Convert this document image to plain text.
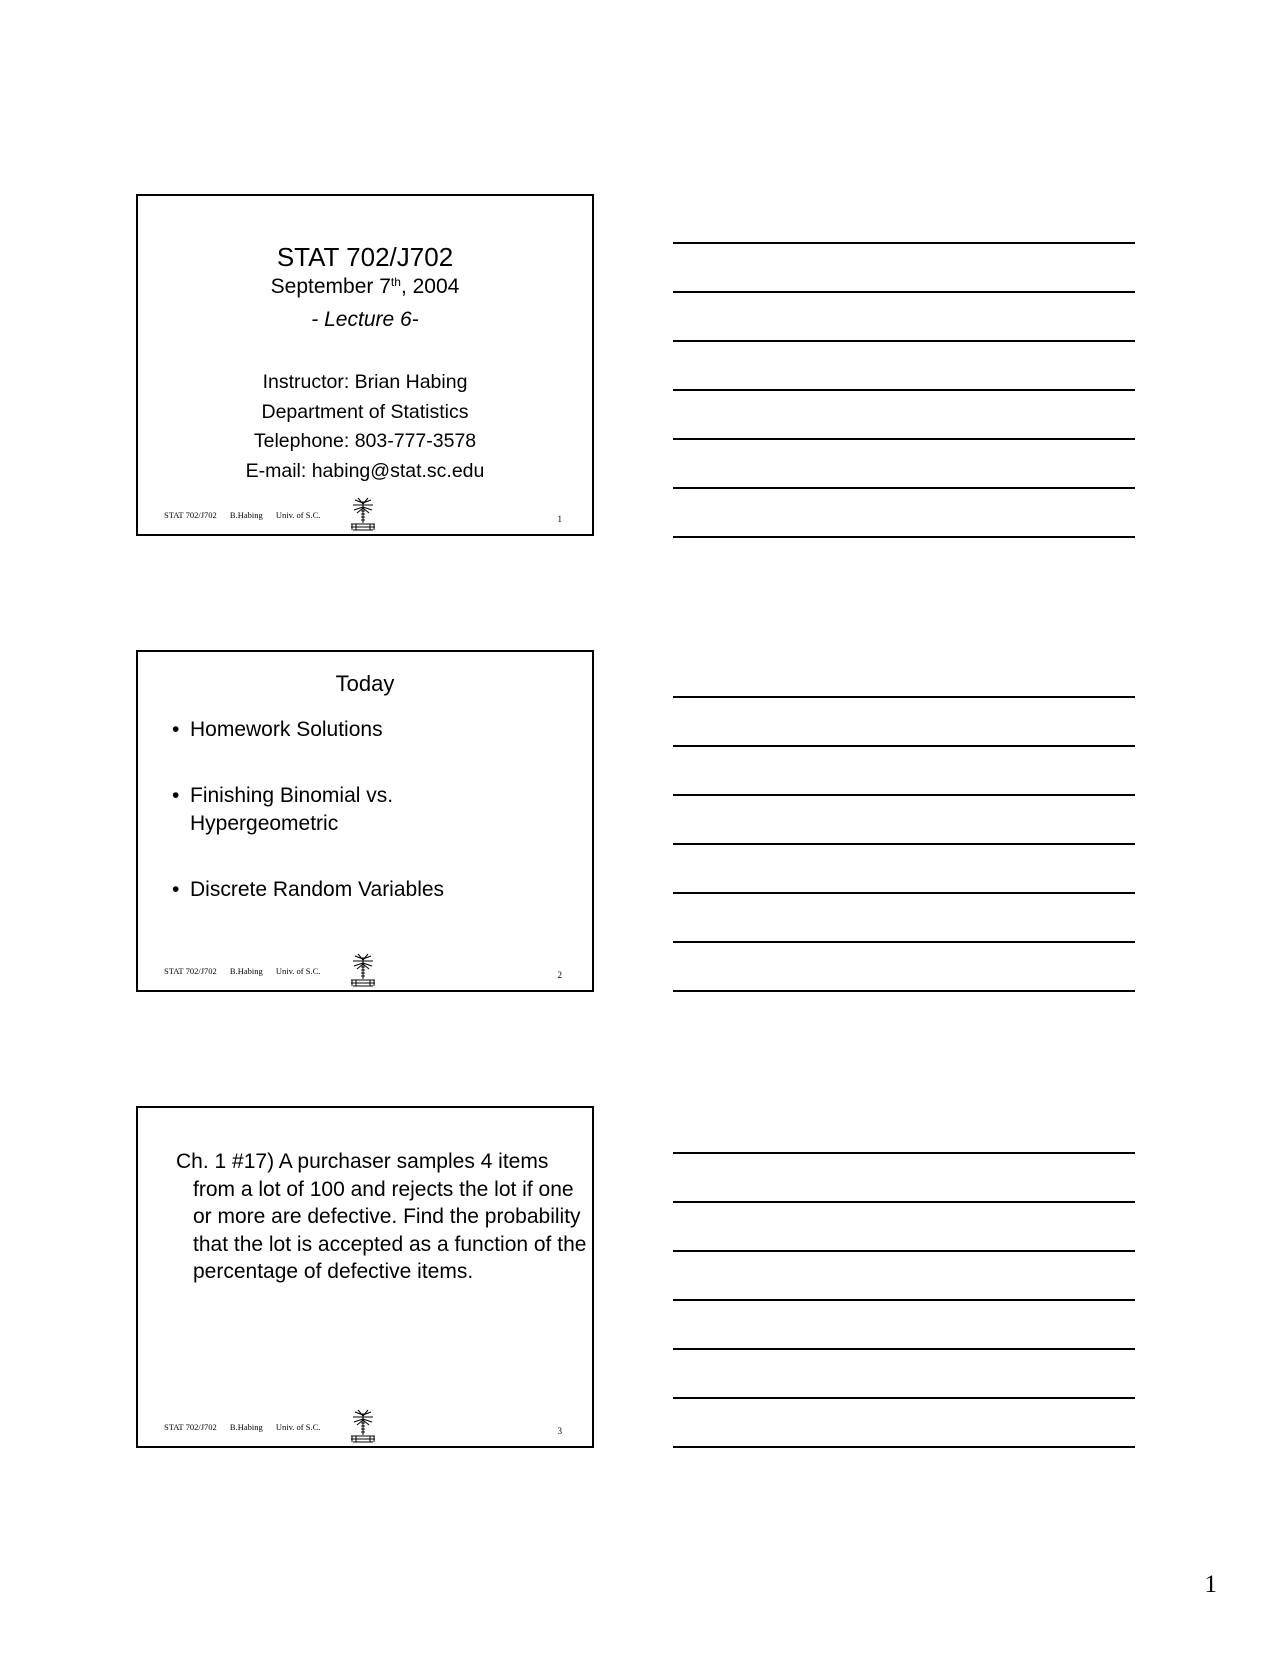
STAT 702/J702
September 7th, 2004
- Lecture 6-
Instructor: Brian Habing
Department of Statistics
Telephone: 803-777-3578
E-mail: habing@stat.sc.edu
STAT 702/J702 B.Habing Univ. of S.C.	1
Today
• Homework Solutions
• Finishing Binomial vs. Hypergeometric
• Discrete Random Variables
STAT 702/J702 B.Habing Univ. of S.C.	2

Ch. 1 #17) A purchaser samples 4 items from a lot of 100 and rejects the lot if one or more are defective. Find the probability that the lot is accepted as a function of the percentage of defective items.

STAT 702/J702 B.Habing Univ. of S.C.	3
1
